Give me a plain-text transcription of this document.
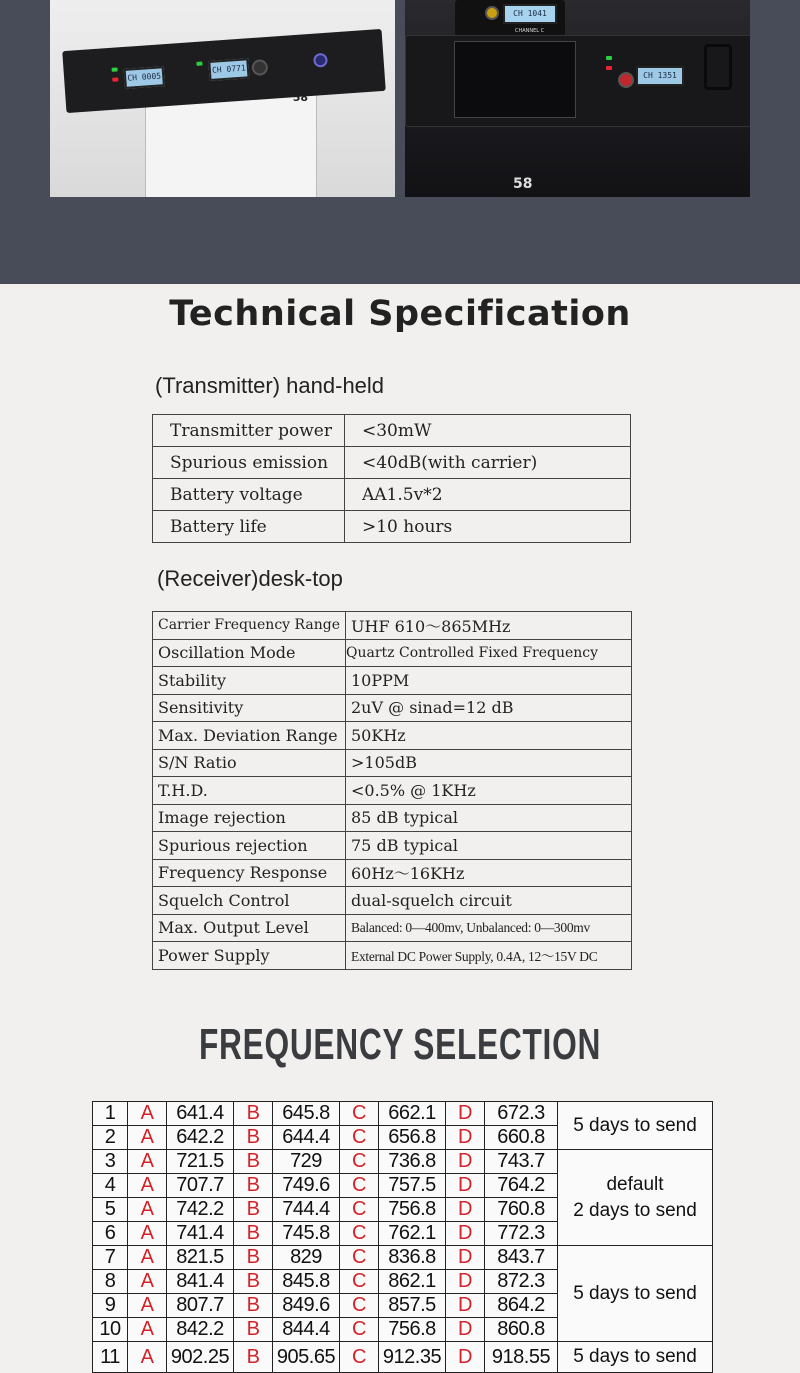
58
CH 0005
CH 0771
CH 1041
CHANNEL C
CH 1351
58
Technical Specification
(Transmitter) hand-held
Transmitter power	<30mW
Spurious emission	<40dB(with carrier)
Battery voltage	AA1.5v*2
Battery life	>10 hours
(Receiver)desk-top
Carrier Frequency Range	UHF 610～865MHz
Oscillation Mode	Quartz Controlled Fixed Frequency
Stability	10PPM
Sensitivity	2uV @ sinad=12 dB
Max. Deviation Range	50KHz
S/N Ratio	>105dB
T.H.D.	<0.5% @ 1KHz
Image rejection	85 dB typical
Spurious rejection	75 dB typical
Frequency Response	60Hz～16KHz
Squelch Control	dual-squelch circuit
Max. Output Level	Balanced: 0—400mv, Unbalanced: 0—300mv
Power Supply	External DC Power Supply, 0.4A, 12～15V DC
FREQUENCY SELECTION
1	A	641.4	B	645.8	C	662.1	D	672.3	5 days to send
2	A	642.2	B	644.4	C	656.8	D	660.8	
3	A	721.5	B	729	C	736.8	D	743.7	default
2 days to send

4	A	707.7	B	749.6	C	757.5	D	764.2	
5	A	742.2	B	744.4	C	756.8	D	760.8	
6	A	741.4	B	745.8	C	762.1	D	772.3	
7	A	821.5	B	829	C	836.8	D	843.7	5 days to send
8	A	841.4	B	845.8	C	862.1	D	872.3	
9	A	807.7	B	849.6	C	857.5	D	864.2	
10	A	842.2	B	844.4	C	756.8	D	860.8	
11	A	902.25	B	905.65	C	912.35	D	918.55	5 days to send
